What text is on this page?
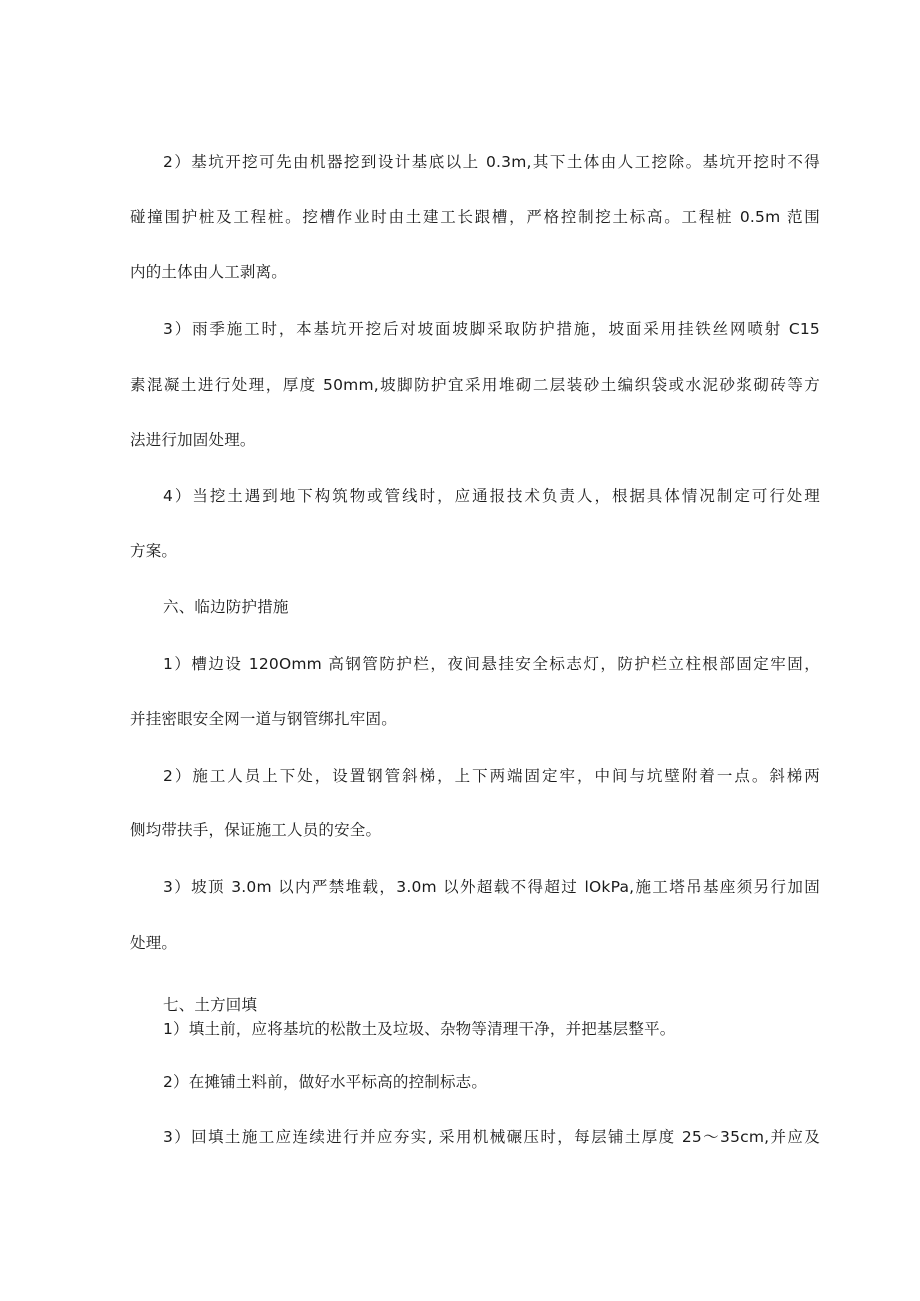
2）基坑开挖可先由机器挖到设计基底以上 0.3m,其下土体由人工挖除。基坑开挖时不得
碰撞围护桩及工程桩。挖槽作业时由土建工长跟槽，严格控制挖土标高。工程桩 0.5m 范围
内的土体由人工剥离。
3）雨季施工时，本基坑开挖后对坡面坡脚采取防护措施，坡面采用挂铁丝网喷射 C15
素混凝土进行处理，厚度 50mm,坡脚防护宜采用堆砌二层装砂土编织袋或水泥砂浆砌砖等方
法进行加固处理。
4）当挖土遇到地下构筑物或管线时，应通报技术负责人，根据具体情况制定可行处理
方案。
六、临边防护措施
1）槽边设 120Omm 高钢管防护栏，夜间悬挂安全标志灯，防护栏立柱根部固定牢固，
并挂密眼安全网一道与钢管绑扎牢固。
2）施工人员上下处，设置钢管斜梯，上下两端固定牢，中间与坑壁附着一点。斜梯两
侧均带扶手，保证施工人员的安全。
3）坡顶 3.0m 以内严禁堆载，3.0m 以外超载不得超过 lOkPa,施工塔吊基座须另行加固
处理。
七、土方回填
1）填土前，应将基坑的松散土及垃圾、杂物等清理干净，并把基层整平。
2）在摊铺土料前，做好水平标高的控制标志。
3）回填土施工应连续进行并应夯实, 采用机械碾压时，每层铺土厚度 25～35cm,并应及
